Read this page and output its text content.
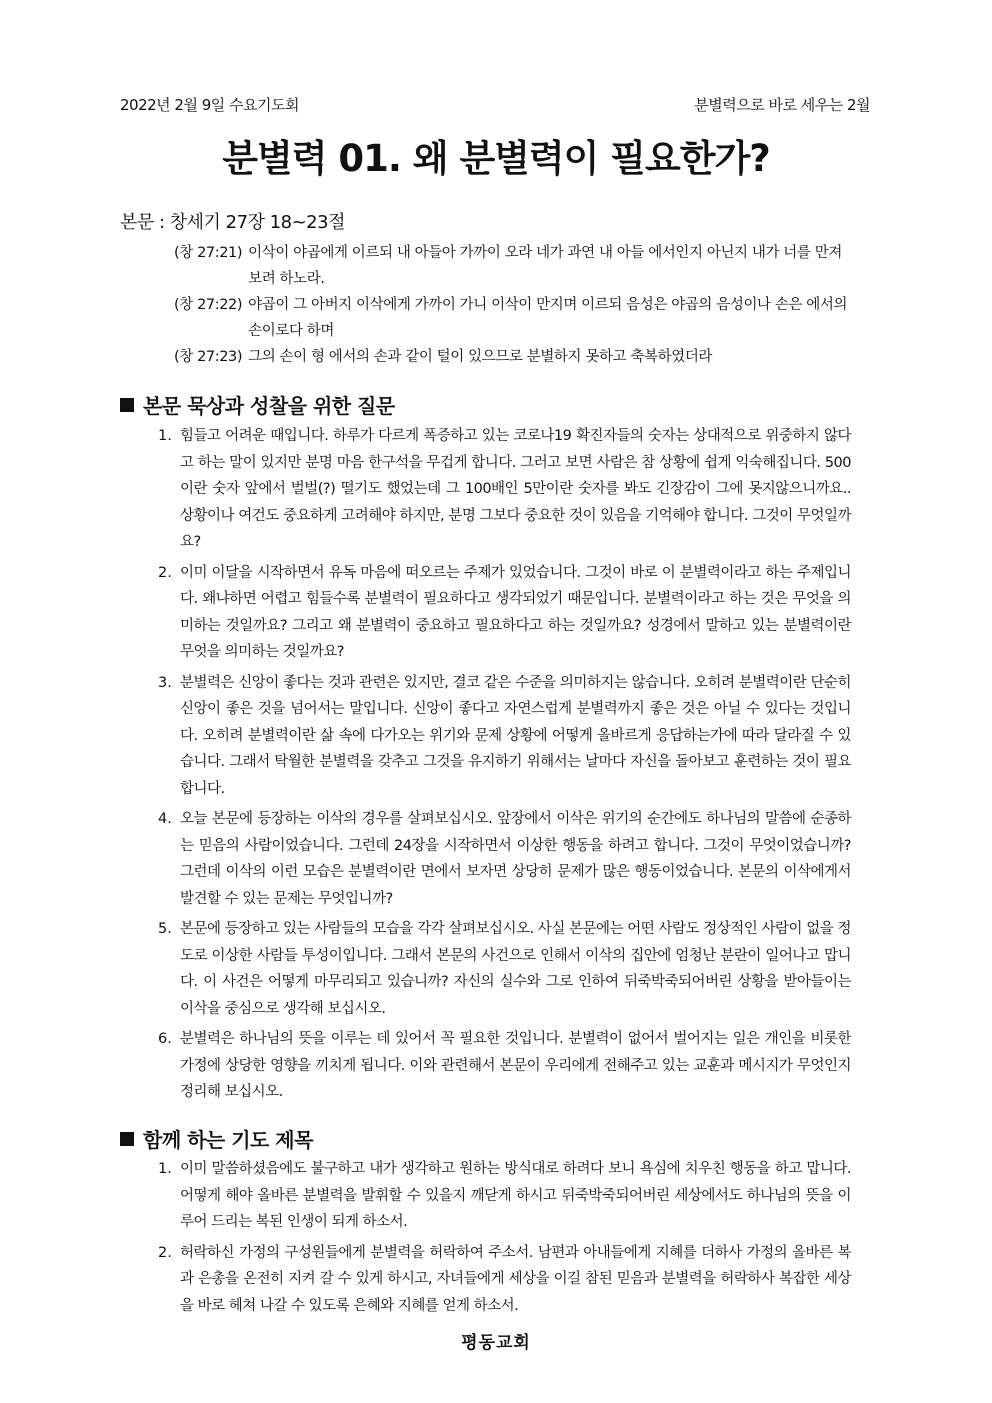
2022년 2월 9일 수요기도회	분별력으로 바로 세우는 2월
분별력 01. 왜 분별력이 필요한가?
본문 : 창세기 27장 18~23절
(창 27:21) 이삭이 야곱에게 이르되 내 아들아 가까이 오라 네가 과연 내 아들 에서인지 아닌지 내가 너를 만져보려 하노라.
(창 27:22) 야곱이 그 아버지 이삭에게 가까이 가니 이삭이 만지며 이르되 음성은 야곱의 음성이나 손은 에서의 손이로다 하며
(창 27:23) 그의 손이 형 에서의 손과 같이 털이 있으므로 분별하지 못하고 축복하였더라
본문 묵상과 성찰을 위한 질문
1. 힘들고 어려운 때입니다. 하루가 다르게 폭증하고 있는 코로나19 확진자들의 숫자는 상대적으로 위중하지 않다고 하는 말이 있지만 분명 마음 한구석을 무겁게 합니다. 그러고 보면 사람은 참 상황에 쉽게 익숙해집니다. 500이란 숫자 앞에서 벌벌(?) 떨기도 했었는데 그 100배인 5만이란 숫자를 봐도 긴장감이 그에 못지않으니까요.. 상황이나 여건도 중요하게 고려해야 하지만, 분명 그보다 중요한 것이 있음을 기억해야 합니다. 그것이 무엇일까요?
2. 이미 이달을 시작하면서 유독 마음에 떠오르는 주제가 있었습니다. 그것이 바로 이 분별력이라고 하는 주제입니다. 왜냐하면 어렵고 힘들수록 분별력이 필요하다고 생각되었기 때문입니다. 분별력이라고 하는 것은 무엇을 의미하는 것일까요? 그리고 왜 분별력이 중요하고 필요하다고 하는 것일까요? 성경에서 말하고 있는 분별력이란 무엇을 의미하는 것일까요?
3. 분별력은 신앙이 좋다는 것과 관련은 있지만, 결코 같은 수준을 의미하지는 않습니다. 오히려 분별력이란 단순히 신앙이 좋은 것을 넘어서는 말입니다. 신앙이 좋다고 자연스럽게 분별력까지 좋은 것은 아닐 수 있다는 것입니다. 오히려 분별력이란 삶 속에 다가오는 위기와 문제 상황에 어떻게 올바르게 응답하는가에 따라 달라질 수 있습니다. 그래서 탁월한 분별력을 갖추고 그것을 유지하기 위해서는 날마다 자신을 돌아보고 훈련하는 것이 필요합니다.
4. 오늘 본문에 등장하는 이삭의 경우를 살펴보십시오. 앞장에서 이삭은 위기의 순간에도 하나님의 말씀에 순종하는 믿음의 사람이었습니다. 그런데 24장을 시작하면서 이상한 행동을 하려고 합니다. 그것이 무엇이었습니까? 그런데 이삭의 이런 모습은 분별력이란 면에서 보자면 상당히 문제가 많은 행동이었습니다. 본문의 이삭에게서 발견할 수 있는 문제는 무엇입니까?
5. 본문에 등장하고 있는 사람들의 모습을 각각 살펴보십시오. 사실 본문에는 어떤 사람도 정상적인 사람이 없을 정도로 이상한 사람들 투성이입니다. 그래서 본문의 사건으로 인해서 이삭의 집안에 엄청난 분란이 일어나고 맙니다. 이 사건은 어떻게 마무리되고 있습니까? 자신의 실수와 그로 인하여 뒤죽박죽되어버린 상황을 받아들이는 이삭을 중심으로 생각해 보십시오.
6. 분별력은 하나님의 뜻을 이루는 데 있어서 꼭 필요한 것입니다. 분별력이 없어서 벌어지는 일은 개인을 비롯한 가정에 상당한 영향을 끼치게 됩니다. 이와 관련해서 본문이 우리에게 전해주고 있는 교훈과 메시지가 무엇인지 정리해 보십시오.
함께 하는 기도 제목
1. 이미 말씀하셨음에도 불구하고 내가 생각하고 원하는 방식대로 하려다 보니 욕심에 치우친 행동을 하고 맙니다. 어떻게 해야 올바른 분별력을 발휘할 수 있을지 깨닫게 하시고 뒤죽박죽되어버린 세상에서도 하나님의 뜻을 이루어 드리는 복된 인생이 되게 하소서.
2. 허락하신 가정의 구성원들에게 분별력을 허락하여 주소서. 남편과 아내들에게 지혜를 더하사 가정의 올바른 복과 은총을 온전히 지켜 갈 수 있게 하시고, 자녀들에게 세상을 이길 참된 믿음과 분별력을 허락하사 복잡한 세상을 바로 헤쳐 나갈 수 있도록 은혜와 지혜를 얻게 하소서.
평동교회
